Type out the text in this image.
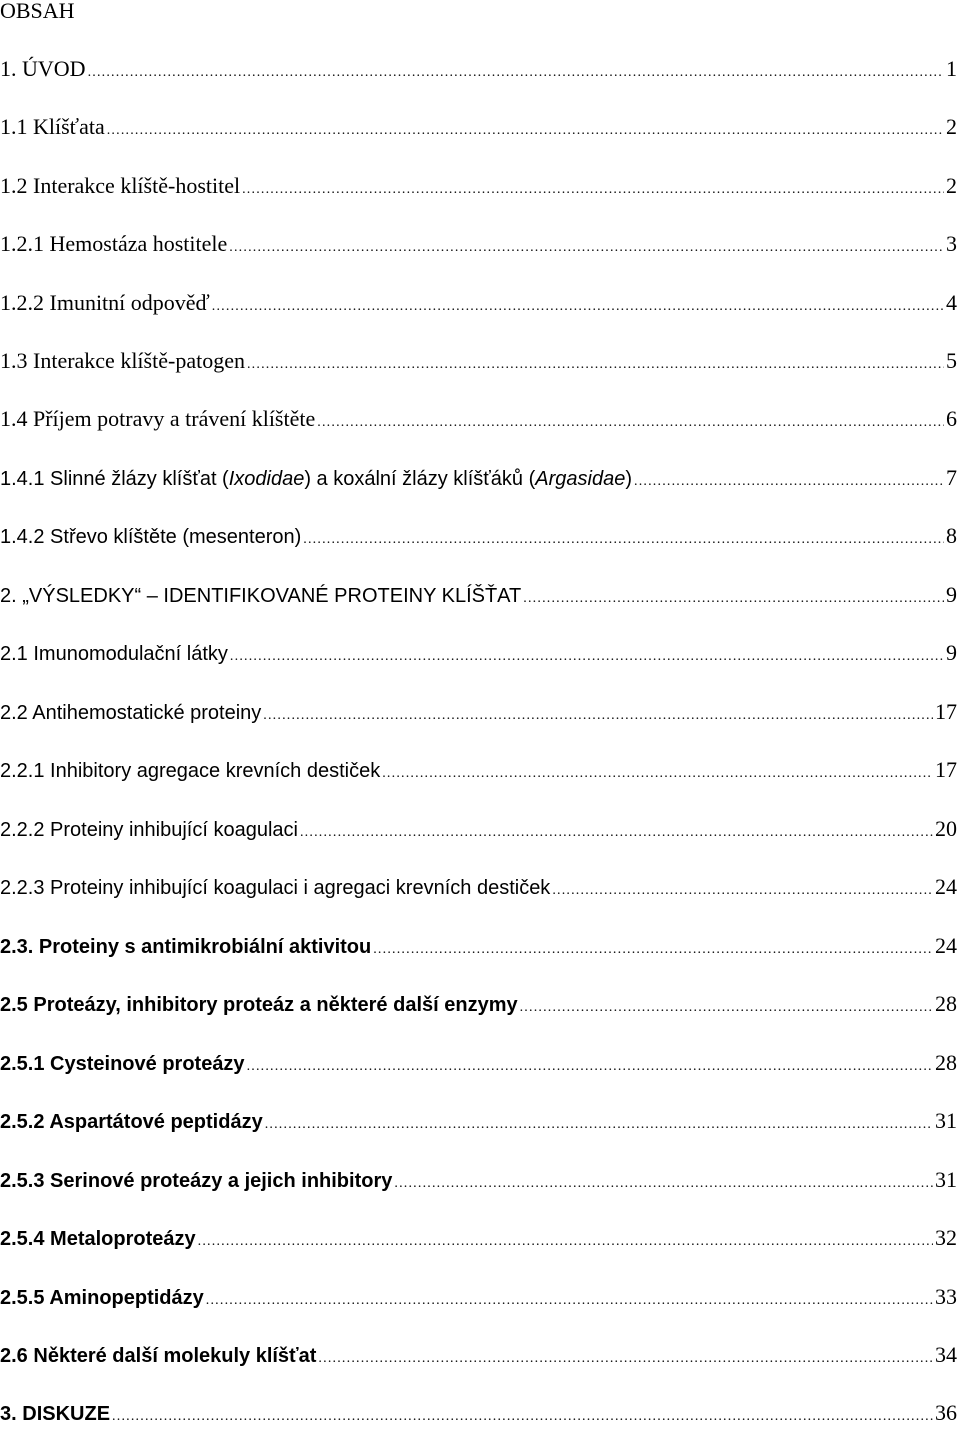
OBSAH
1. ÚVOD .....	1
1.1 Klíšťata .....	2
1.2 Interakce klíště-hostitel .....	2
1.2.1 Hemostáza hostitele .....	3
1.2.2 Imunitní odpověď .....	4
1.3 Interakce klíště-patogen .....	5
1.4 Příjem potravy a trávení klíštěte .....	6
1.4.1 Slinné žlázy klíšťat (Ixodidae) a koxální žlázy klíšťáků (Argasidae) .....	7
1.4.2 Střevo klíštěte (mesenteron) .....	8
2. „VÝSLEDKY“ – IDENTIFIKOVANÉ PROTEINY KLÍŠŤAT .....	9
2.1 Imunomodulační látky .....	9
2.2 Antihemostatické proteiny .....	17
2.2.1 Inhibitory agregace krevních destiček .....	17
2.2.2 Proteiny inhibující koagulaci .....	20
2.2.3 Proteiny inhibující koagulaci i agregaci krevních destiček .....	24
2.3. Proteiny s antimikrobiální aktivitou .....	24
2.5 Proteázy, inhibitory proteáz a některé další enzymy .....	28
2.5.1 Cysteinové proteázy .....	28
2.5.2 Aspartátové peptidázy .....	31
2.5.3 Serinové proteázy a jejich inhibitory .....	31
2.5.4 Metaloproteázy .....	32
2.5.5 Aminopeptidázy .....	33
2.6 Některé další molekuly klíšťat .....	34
3. DISKUZE .....	36
